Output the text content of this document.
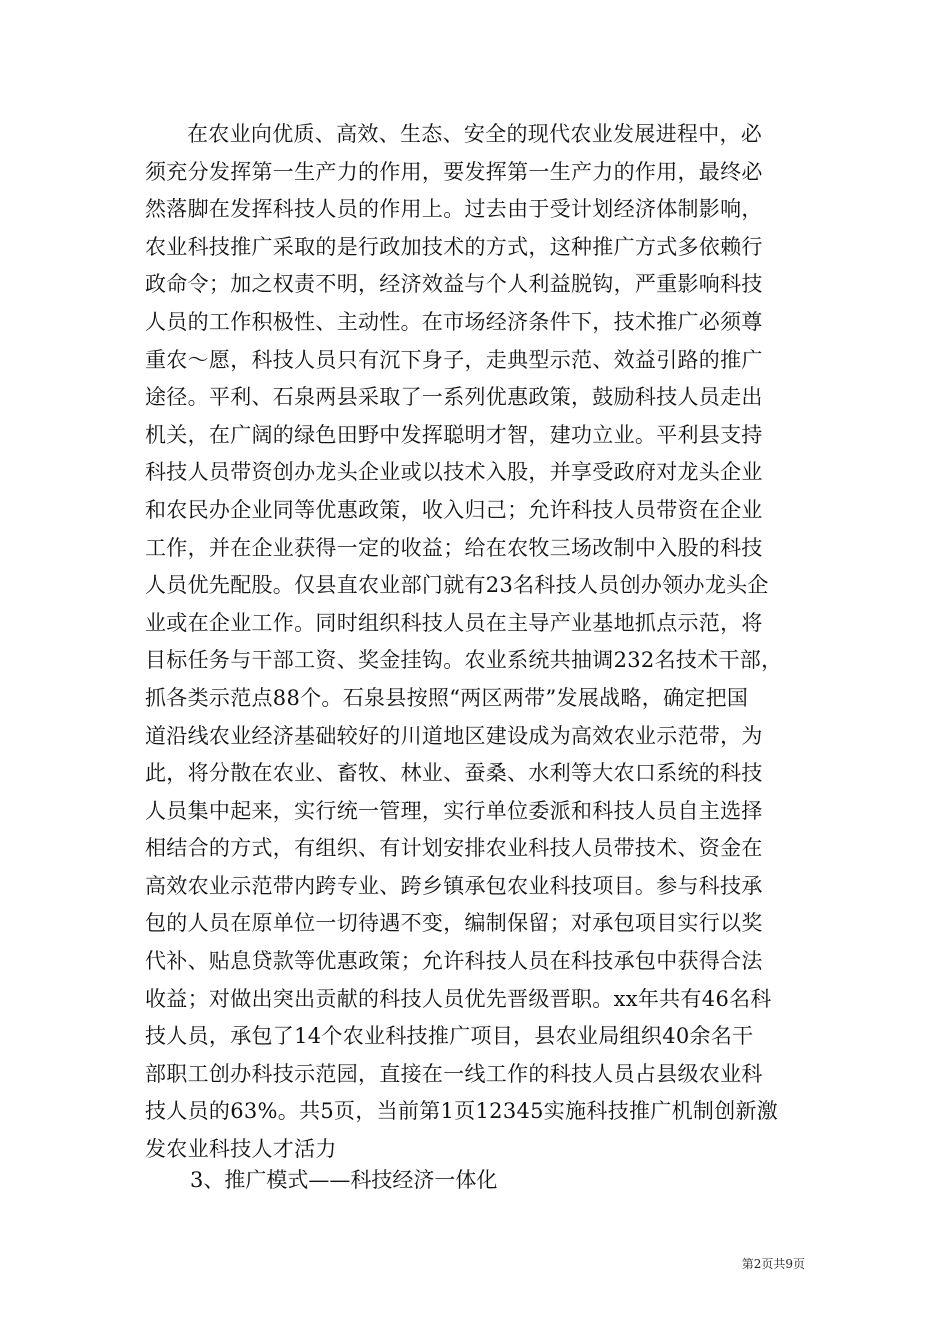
在农业向优质、高效、生态、安全的现代农业发展进程中，必
须充分发挥第一生产力的作用，要发挥第一生产力的作用，最终必
然落脚在发挥科技人员的作用上。过去由于受计划经济体制影响，
农业科技推广采取的是行政加技术的方式，这种推广方式多依赖行
政命令；加之权责不明，经济效益与个人利益脱钩，严重影响科技
人员的工作积极性、主动性。在市场经济条件下，技术推广必须尊
重农～愿，科技人员只有沉下身子，走典型示范、效益引路的推广
途径。平利、石泉两县采取了一系列优惠政策，鼓励科技人员走出
机关，在广阔的绿色田野中发挥聪明才智，建功立业。平利县支持
科技人员带资创办龙头企业或以技术入股，并享受政府对龙头企业
和农民办企业同等优惠政策，收入归己；允许科技人员带资在企业
工作，并在企业获得一定的收益；给在农牧三场改制中入股的科技
人员优先配股。仅县直农业部门就有23名科技人员创办领办龙头企
业或在企业工作。同时组织科技人员在主导产业基地抓点示范，将
目标任务与干部工资、奖金挂钩。农业系统共抽调232名技术干部，
抓各类示范点88个。石泉县按照“两区两带”发展战略，确定把国
道沿线农业经济基础较好的川道地区建设成为高效农业示范带，为
此，将分散在农业、畜牧、林业、蚕桑、水利等大农口系统的科技
人员集中起来，实行统一管理，实行单位委派和科技人员自主选择
相结合的方式，有组织、有计划安排农业科技人员带技术、资金在
高效农业示范带内跨专业、跨乡镇承包农业科技项目。参与科技承
包的人员在原单位一切待遇不变，编制保留；对承包项目实行以奖
代补、贴息贷款等优惠政策；允许科技人员在科技承包中获得合法
收益；对做出突出贡献的科技人员优先晋级晋职。xx年共有46名科
技人员，承包了14个农业科技推广项目，县农业局组织40余名干
部职工创办科技示范园，直接在一线工作的科技人员占县级农业科
技人员的63%。共5页，当前第1页12345实施科技推广机制创新激
发农业科技人才活力
3、推广模式——科技经济一体化
第2页共9页
